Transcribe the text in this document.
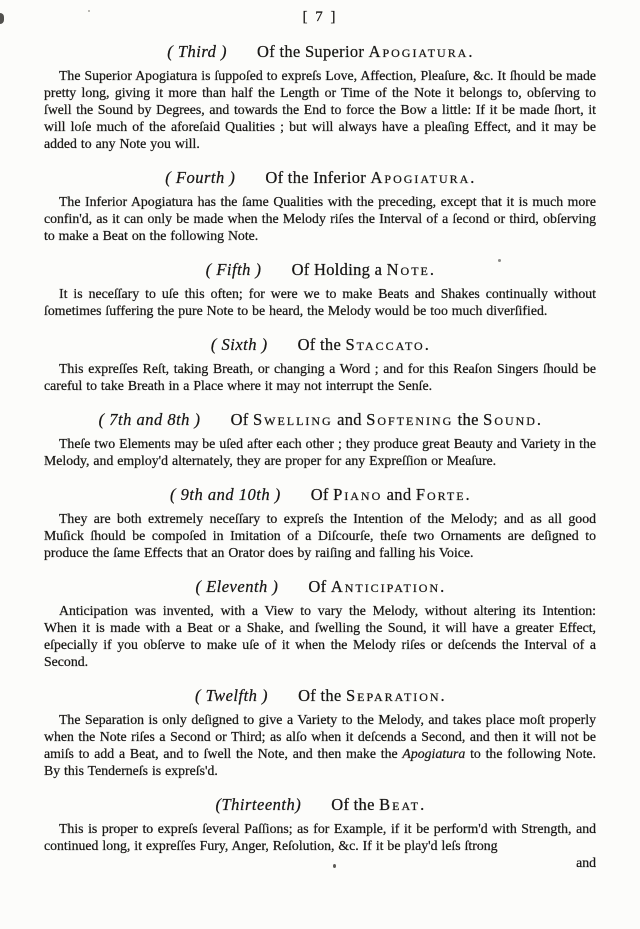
[ 7 ]
( Third ) Of the Superior Apogiatura.

The Superior Apogiatura is ſuppoſed to expreſs Love, Affection, Pleaſure, &c. It ſhould be made pretty long, giving it more than half the Length or Time of the Note it belongs to, obſerving to ſwell the Sound by Degrees, and towards the End to force the Bow a little: If it be made ſhort, it will loſe much of the aforeſaid Qualities ; but will always have a pleaſing Effect, and it may be added to any Note you will.

( Fourth ) Of the Inferior Apogiatura.

The Inferior Apogiatura has the ſame Qualities with the preceding, except that it is much more confin'd, as it can only be made when the Melody riſes the Interval of a ſecond or third, obſerving to make a Beat on the following Note.

( Fifth ) Of Holding a Note.

It is neceſſary to uſe this often; for were we to make Beats and Shakes continually without ſometimes ſuffering the pure Note to be heard, the Melody would be too much diverſified.

( Sixth ) Of the Staccato.

This expreſſes Reſt, taking Breath, or changing a Word ; and for this Reaſon Singers ſhould be careful to take Breath in a Place where it may not interrupt the Senſe.

( 7th and 8th ) Of Swelling and Softening the Sound.

Theſe two Elements may be uſed after each other ; they produce great Beauty and Variety in the Melody, and employ'd alternately, they are proper for any Expreſſion or Meaſure.

( 9th and 10th ) Of Piano and Forte.

They are both extremely neceſſary to expreſs the Intention of the Melody; and as all good Muſick ſhould be compoſed in Imitation of a Diſcourſe, theſe two Ornaments are deſigned to produce the ſame Effects that an Orator does by raiſing and falling his Voice.

( Eleventh ) Of Anticipation.

Anticipation was invented, with a View to vary the Melody, without altering its Intention: When it is made with a Beat or a Shake, and ſwelling the Sound, it will have a greater Effect, eſpecially if you obſerve to make uſe of it when the Melody riſes or deſcends the Interval of a Second.

( Twelfth ) Of the Separation.

The Separation is only deſigned to give a Variety to the Melody, and takes place moſt properly when the Note riſes a Second or Third; as alſo when it deſcends a Second, and then it will not be amiſs to add a Beat, and to ſwell the Note, and then make the Apogiatura to the following Note. By this Tenderneſs is expreſs'd.

(Thirteenth) Of the Beat.

This is proper to expreſs ſeveral Paſſions; as for Example, if it be perform'd with Strength, and continued long, it expreſſes Fury, Anger, Reſolution, &c. If it be play'd leſs ſtrong

and
